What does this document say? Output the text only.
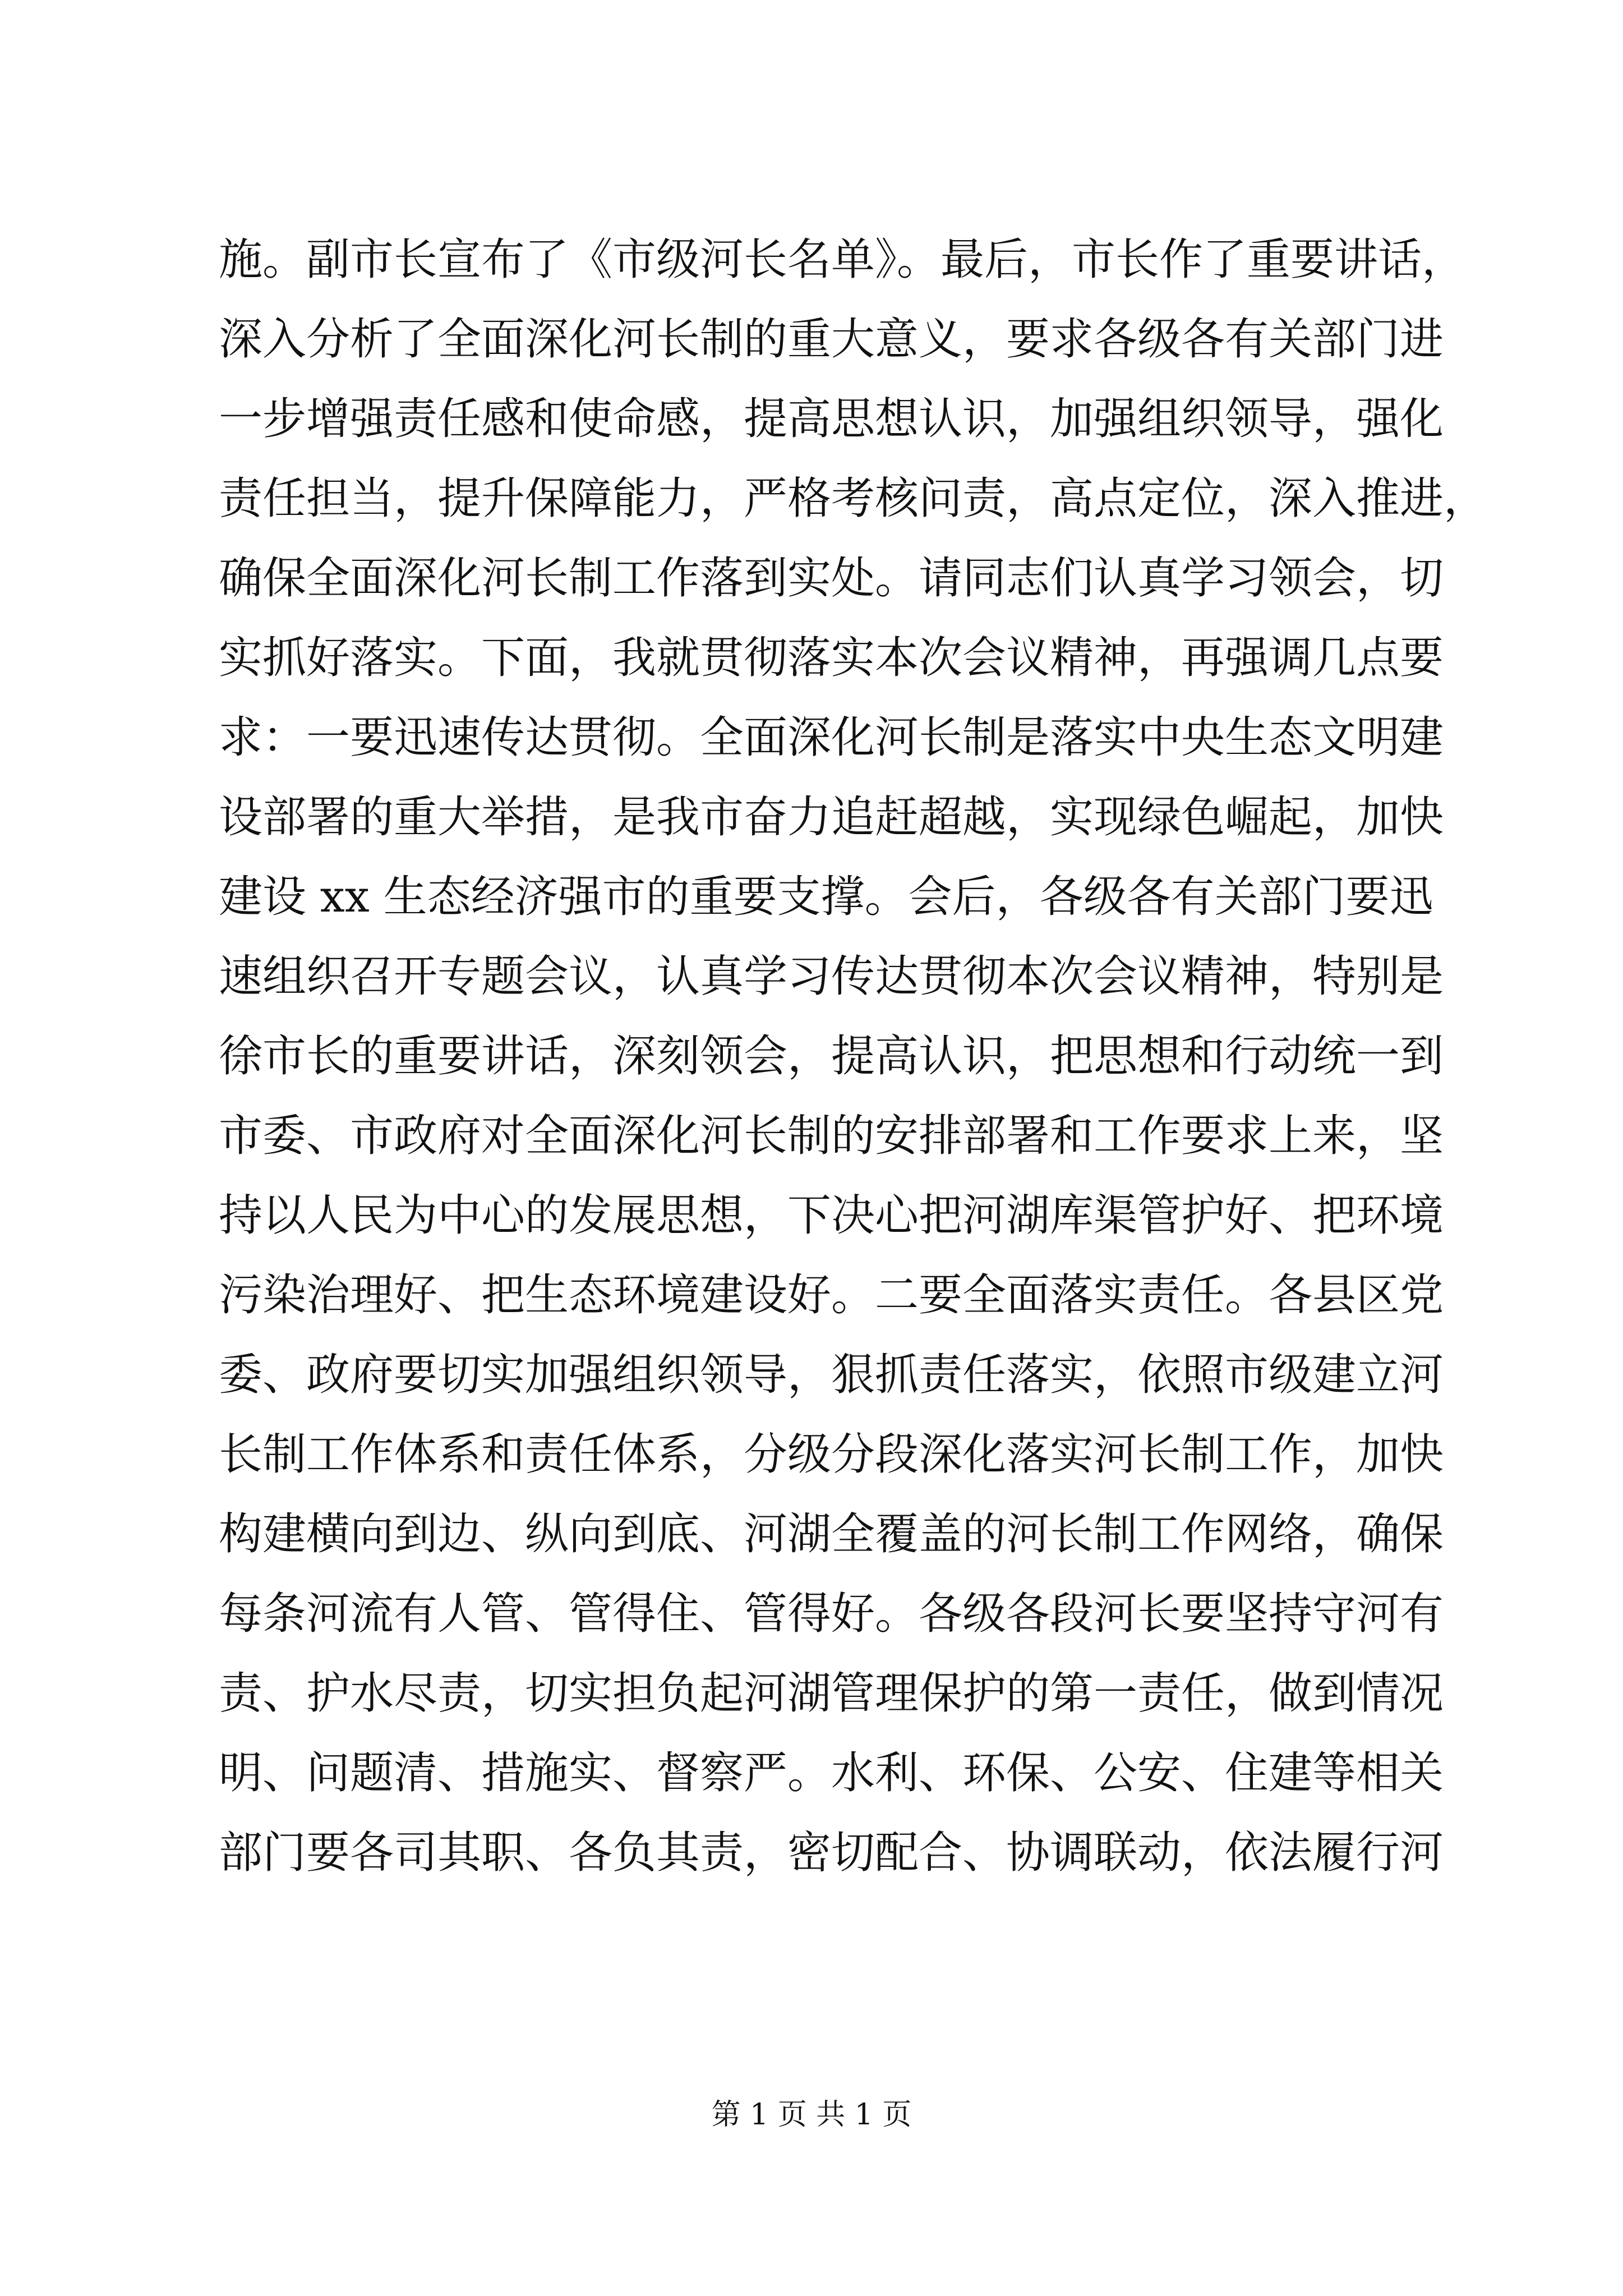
施。副市长宣布了《市级河长名单》。最后，市长作了重要讲话，
深入分析了全面深化河长制的重大意义，要求各级各有关部门进
一步增强责任感和使命感，提高思想认识，加强组织领导，强化
责任担当，提升保障能力，严格考核问责，高点定位，深入推进，
确保全面深化河长制工作落到实处。请同志们认真学习领会，切
实抓好落实。下面，我就贯彻落实本次会议精神，再强调几点要
求：一要迅速传达贯彻。全面深化河长制是落实中央生态文明建
设部署的重大举措，是我市奋力追赶超越，实现绿色崛起，加快
建设 xx 生态经济强市的重要支撑。会后，各级各有关部门要迅
速组织召开专题会议，认真学习传达贯彻本次会议精神，特别是
徐市长的重要讲话，深刻领会，提高认识，把思想和行动统一到
市委、市政府对全面深化河长制的安排部署和工作要求上来，坚
持以人民为中心的发展思想，下决心把河湖库渠管护好、把环境
污染治理好、把生态环境建设好。二要全面落实责任。各县区党
委、政府要切实加强组织领导，狠抓责任落实，依照市级建立河
长制工作体系和责任体系，分级分段深化落实河长制工作，加快
构建横向到边、纵向到底、河湖全覆盖的河长制工作网络，确保
每条河流有人管、管得住、管得好。各级各段河长要坚持守河有
责、护水尽责，切实担负起河湖管理保护的第一责任，做到情况
明、问题清、措施实、督察严。水利、环保、公安、住建等相关
部门要各司其职、各负其责，密切配合、协调联动，依法履行河
第 1 页 共 1 页
